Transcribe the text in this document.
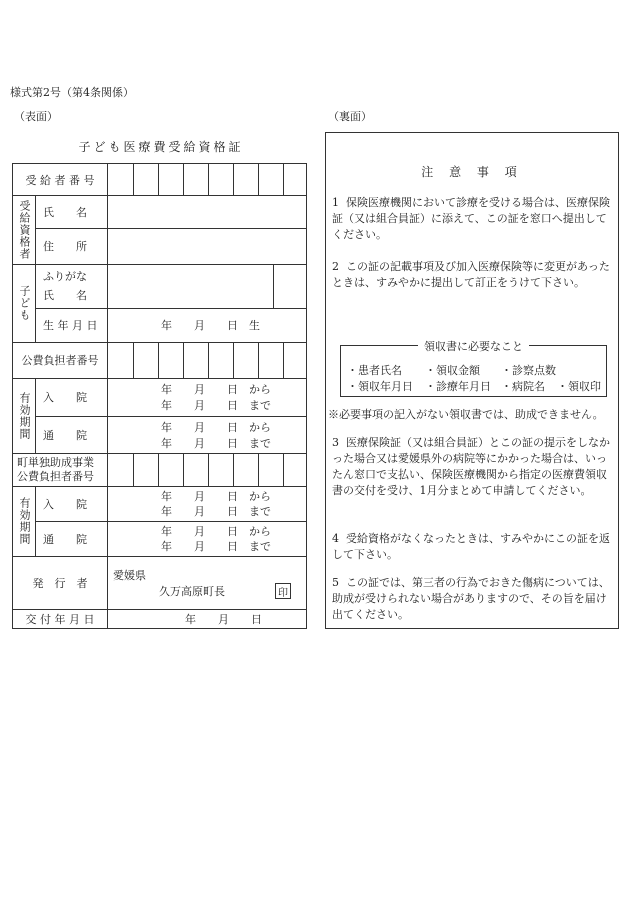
様式第2号（第4条関係）
（表面）	（裏面）
子ども医療費受給資格証
受 給 者 番 号
受給資格者	氏　　名
住　　所
子ども
ふりがな
氏　　名
生 年 月 日	年　　月　　日　生
公費負担者番号
有効期間	入　　院
年　　月　　日　から
年　　月　　日　まで
通　　院
年　　月　　日　から
年　　月　　日　まで
町単独助成事業
公費負担者番号
有効期間	入　　院
年　　月　　日　から
年　　月　　日　まで
通　　院
年　　月　　日　から
年　　月　　日　まで
発　行　者
愛媛県
久万高原町長	印
交 付 年 月 日	年　　月　　日
注 意 事 項
1 保険医療機関において診療を受ける場合は、医療保険証（又は組合員証）に添えて、この証を窓口へ提出してください。
2 この証の記載事項及び加入医療保険等に変更があったときは、すみやかに提出して訂正をうけて下さい。
領収書に必要なこと
・患者氏名 ・領収金額 ・診察点数
・領収年月日 ・診療年月日 ・病院名 ・領収印
※必要事項の記入がない領収書では、助成できません。
3 医療保険証（又は組合員証）とこの証の提示をしなかった場合又は愛媛県外の病院等にかかった場合は、いったん窓口で支払い、保険医療機関から指定の医療費領収書の交付を受け、1月分まとめて申請してください。
4 受給資格がなくなったときは、すみやかにこの証を返して下さい。
5 この証では、第三者の行為でおきた傷病については、助成が受けられない場合がありますので、その旨を届け出てください。
